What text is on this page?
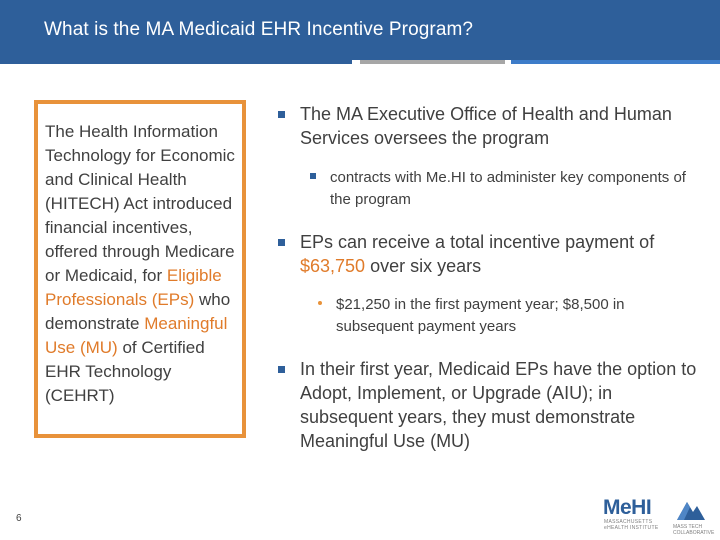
What is the MA Medicaid EHR Incentive Program?
The Health Information Technology for Economic and Clinical Health (HITECH) Act introduced financial incentives, offered through Medicare or Medicaid, for Eligible Professionals (EPs) who demonstrate Meaningful Use (MU) of Certified EHR Technology (CEHRT)
The MA Executive Office of Health and Human Services oversees the program
contracts with Me.HI to administer key components of the program
EPs can receive a total incentive payment of $63,750 over six years
$21,250 in the first payment year; $8,500 in subsequent payment years
In their first year, Medicaid EPs have the option to Adopt, Implement, or Upgrade (AIU); in subsequent years, they must demonstrate Meaningful Use (MU)
6	MeHI
MASSACHUSETTS
eHEALTH INSTITUTE	MASS TECH
COLLABORATIVE
